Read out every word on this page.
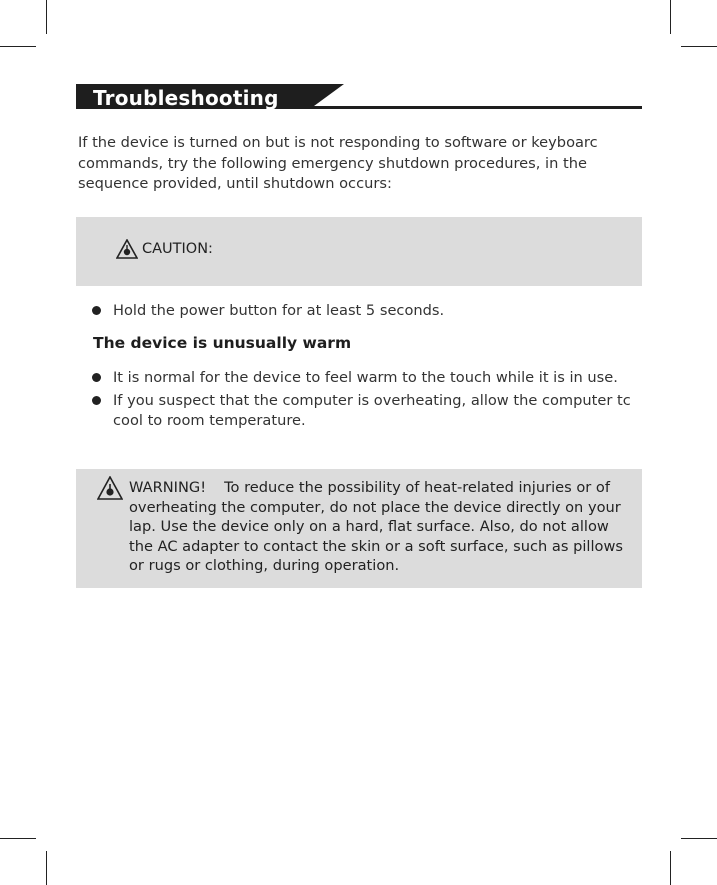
Troubleshooting
If the device is turned on but is not responding to software or keyboarc
commands, try the following emergency shutdown procedures, in the
sequence provided, until shutdown occurs:
CAUTION:
Hold the power button for at least 5 seconds.
The device is unusually warm
It is normal for the device to feel warm to the touch while it is in use.
If you suspect that the computer is overheating, allow the computer tc
cool to room temperature.
WARNING! To reduce the possibility of heat-related injuries or of
overheating the computer, do not place the device directly on your
lap. Use the device only on a hard, flat surface. Also, do not allow
the AC adapter to contact the skin or a soft surface, such as pillows
or rugs or clothing, during operation.
